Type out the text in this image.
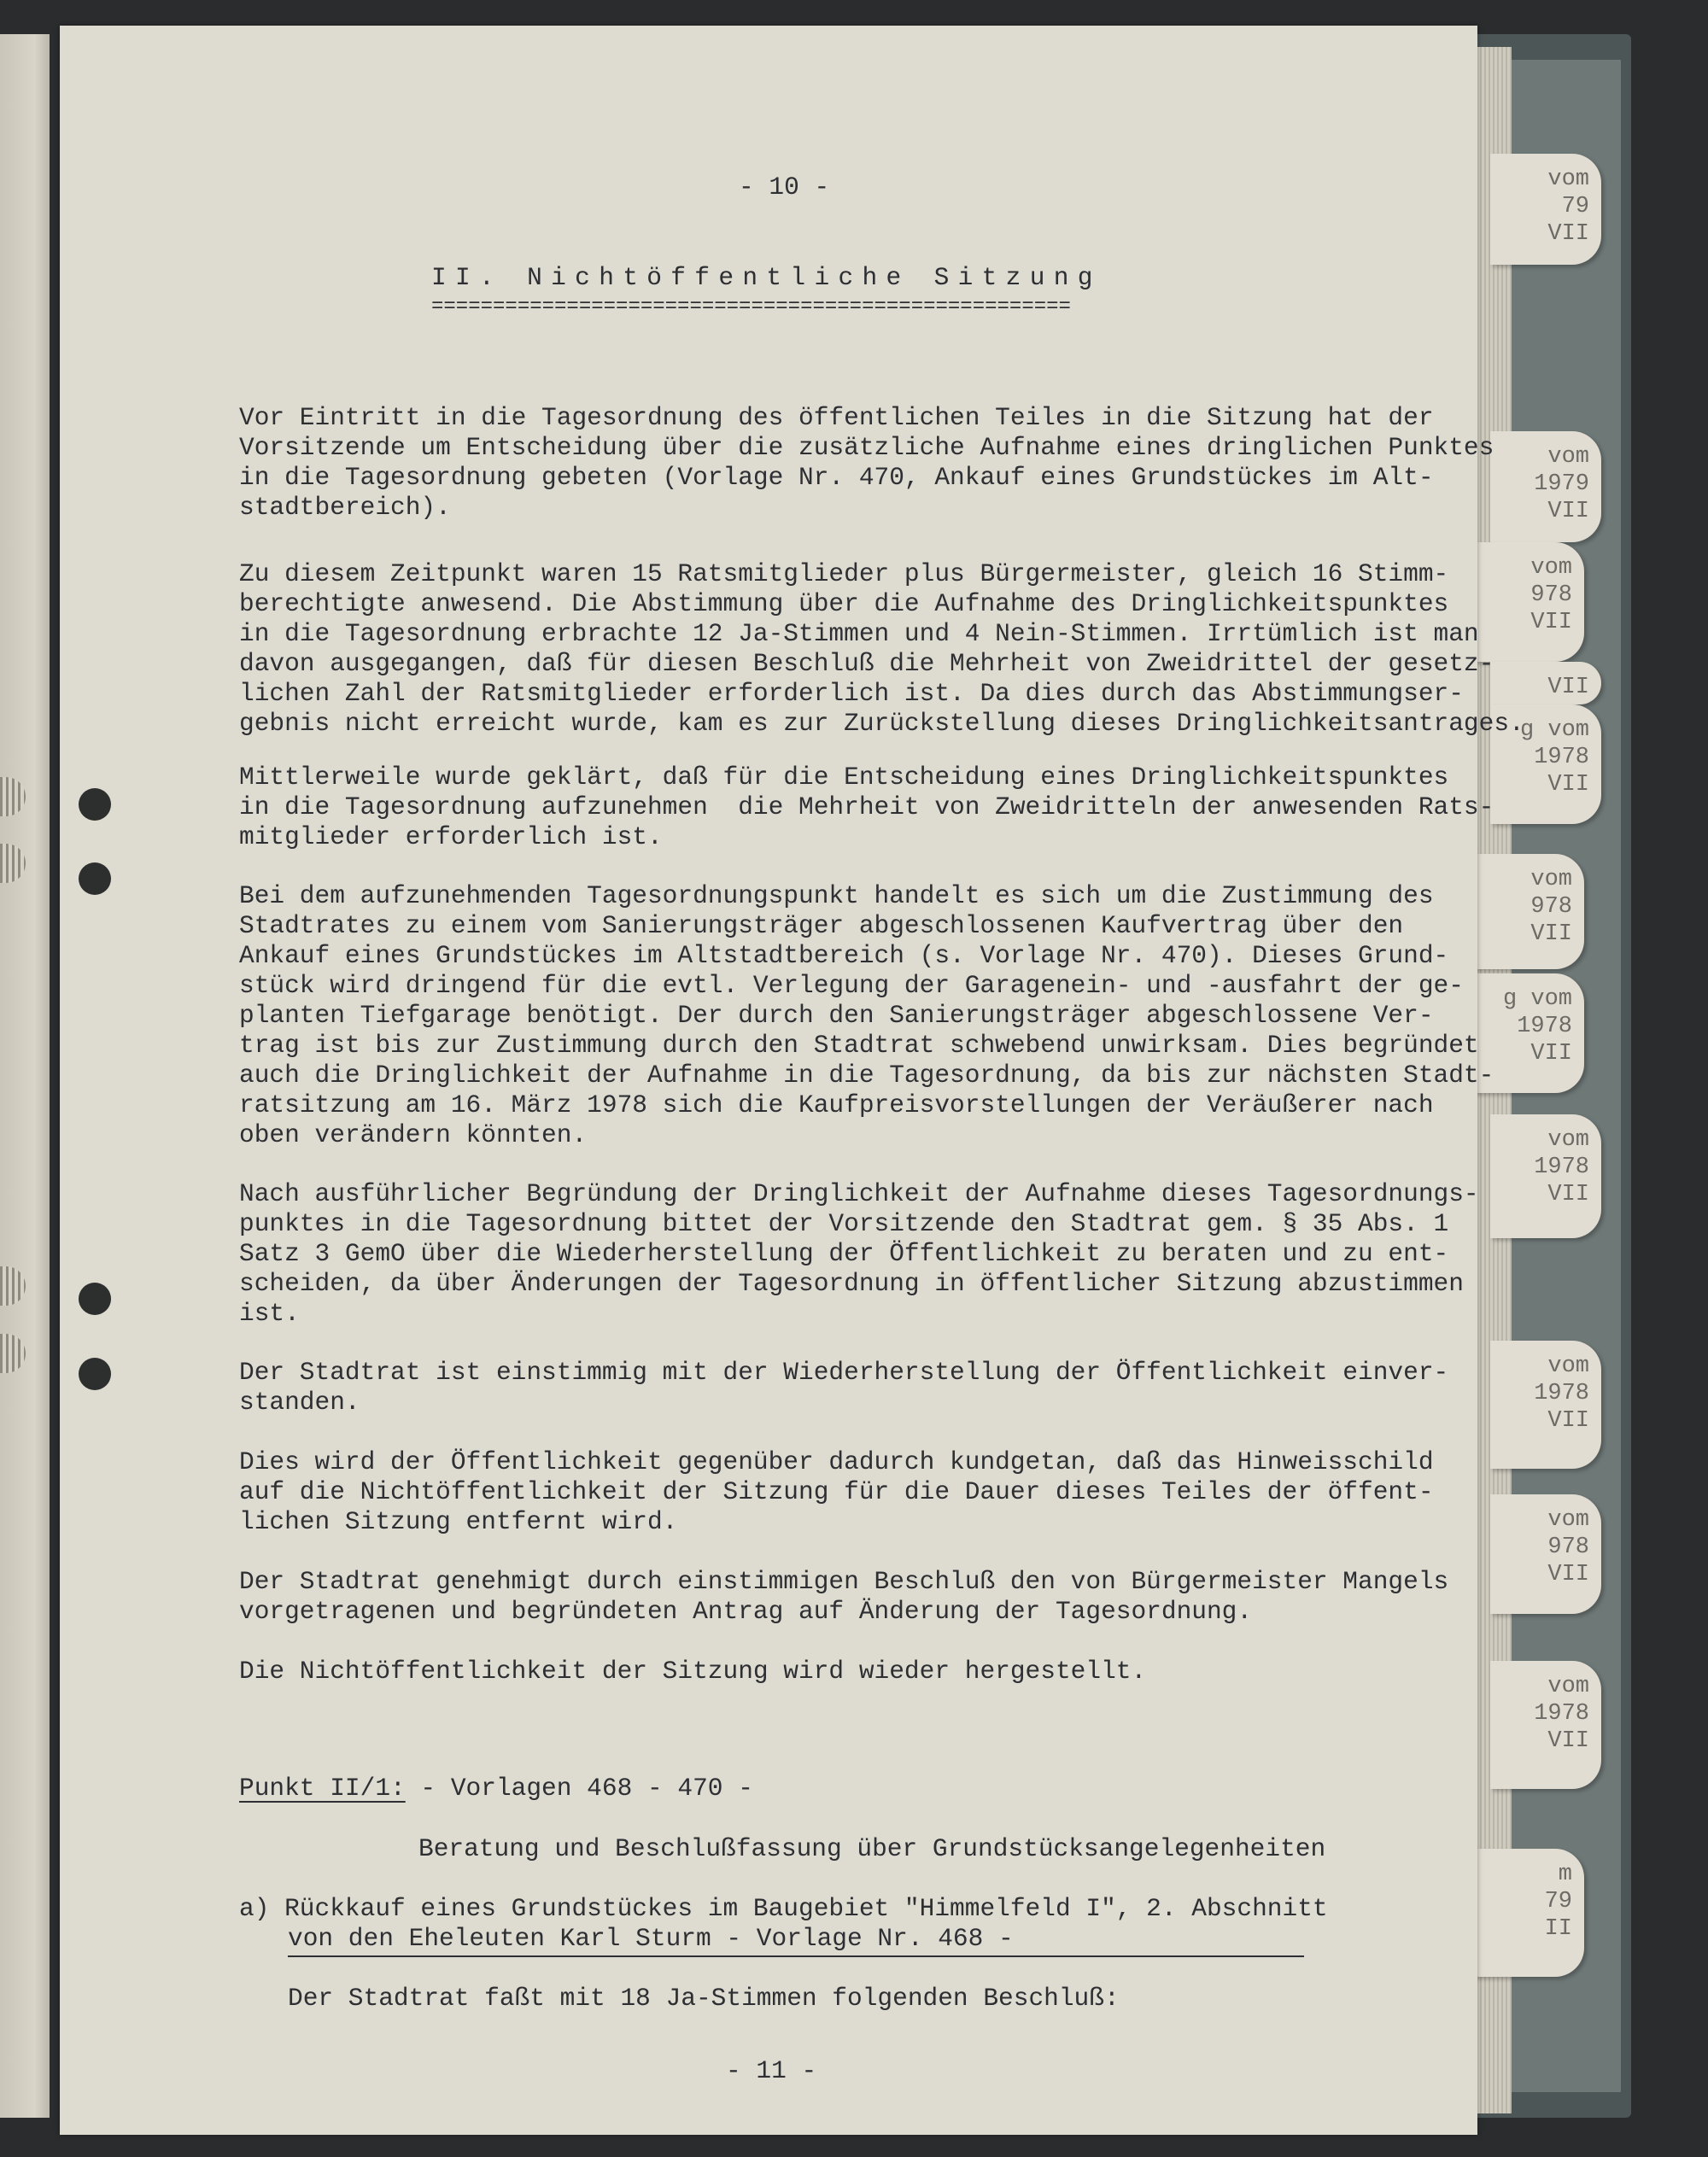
vom
79
VII
vom
1979
VII
vom
978
VII
VII
g vom
1978
VII
vom
978
VII
g vom
1978
VII
vom
1978
VII
vom
1978
VII
vom
978
VII
vom
1978
VII
m
79
II

- 10 -

II. Nichtöffentliche Sitzung

====================================================

Vor Eintritt in die Tagesordnung des öffentlichen Teiles in die Sitzung hat der

Vorsitzende um Entscheidung über die zusätzliche Aufnahme eines dringlichen Punktes

in die Tagesordnung gebeten (Vorlage Nr. 470, Ankauf eines Grundstückes im Alt-

stadtbereich).

Zu diesem Zeitpunkt waren 15 Ratsmitglieder plus Bürgermeister, gleich 16 Stimm-

berechtigte anwesend. Die Abstimmung über die Aufnahme des Dringlichkeitspunktes

in die Tagesordnung erbrachte 12 Ja-Stimmen und 4 Nein-Stimmen. Irrtümlich ist man

davon ausgegangen, daß für diesen Beschluß die Mehrheit von Zweidrittel der gesetz-

lichen Zahl der Ratsmitglieder erforderlich ist. Da dies durch das Abstimmungser-

gebnis nicht erreicht wurde, kam es zur Zurückstellung dieses Dringlichkeitsantrages.

Mittlerweile wurde geklärt, daß für die Entscheidung eines Dringlichkeitspunktes

in die Tagesordnung aufzunehmen  die Mehrheit von Zweidritteln der anwesenden Rats-

mitglieder erforderlich ist.

Bei dem aufzunehmenden Tagesordnungspunkt handelt es sich um die Zustimmung des

Stadtrates zu einem vom Sanierungsträger abgeschlossenen Kaufvertrag über den

Ankauf eines Grundstückes im Altstadtbereich (s. Vorlage Nr. 470). Dieses Grund-

stück wird dringend für die evtl. Verlegung der Garagenein- und -ausfahrt der ge-

planten Tiefgarage benötigt. Der durch den Sanierungsträger abgeschlossene Ver-

trag ist bis zur Zustimmung durch den Stadtrat schwebend unwirksam. Dies begründet

auch die Dringlichkeit der Aufnahme in die Tagesordnung, da bis zur nächsten Stadt-

ratsitzung am 16. März 1978 sich die Kaufpreisvorstellungen der Veräußerer nach

oben verändern könnten.

Nach ausführlicher Begründung der Dringlichkeit der Aufnahme dieses Tagesordnungs-

punktes in die Tagesordnung bittet der Vorsitzende den Stadtrat gem. § 35 Abs. 1

Satz 3 GemO über die Wiederherstellung der Öffentlichkeit zu beraten und zu ent-

scheiden, da über Änderungen der Tagesordnung in öffentlicher Sitzung abzustimmen

ist.

Der Stadtrat ist einstimmig mit der Wiederherstellung der Öffentlichkeit einver-

standen.

Dies wird der Öffentlichkeit gegenüber dadurch kundgetan, daß das Hinweisschild

auf die Nichtöffentlichkeit der Sitzung für die Dauer dieses Teiles der öffent-

lichen Sitzung entfernt wird.

Der Stadtrat genehmigt durch einstimmigen Beschluß den von Bürgermeister Mangels

vorgetragenen und begründeten Antrag auf Änderung der Tagesordnung.

Die Nichtöffentlichkeit der Sitzung wird wieder hergestellt.

Punkt II/1: - Vorlagen 468 - 470 -

Beratung und Beschlußfassung über Grundstücksangelegenheiten

a) Rückkauf eines Grundstückes im Baugebiet "Himmelfeld I", 2. Abschnitt

von den Eheleuten Karl Sturm - Vorlage Nr. 468 -

Der Stadtrat faßt mit 18 Ja-Stimmen folgenden Beschluß:

- 11 -
